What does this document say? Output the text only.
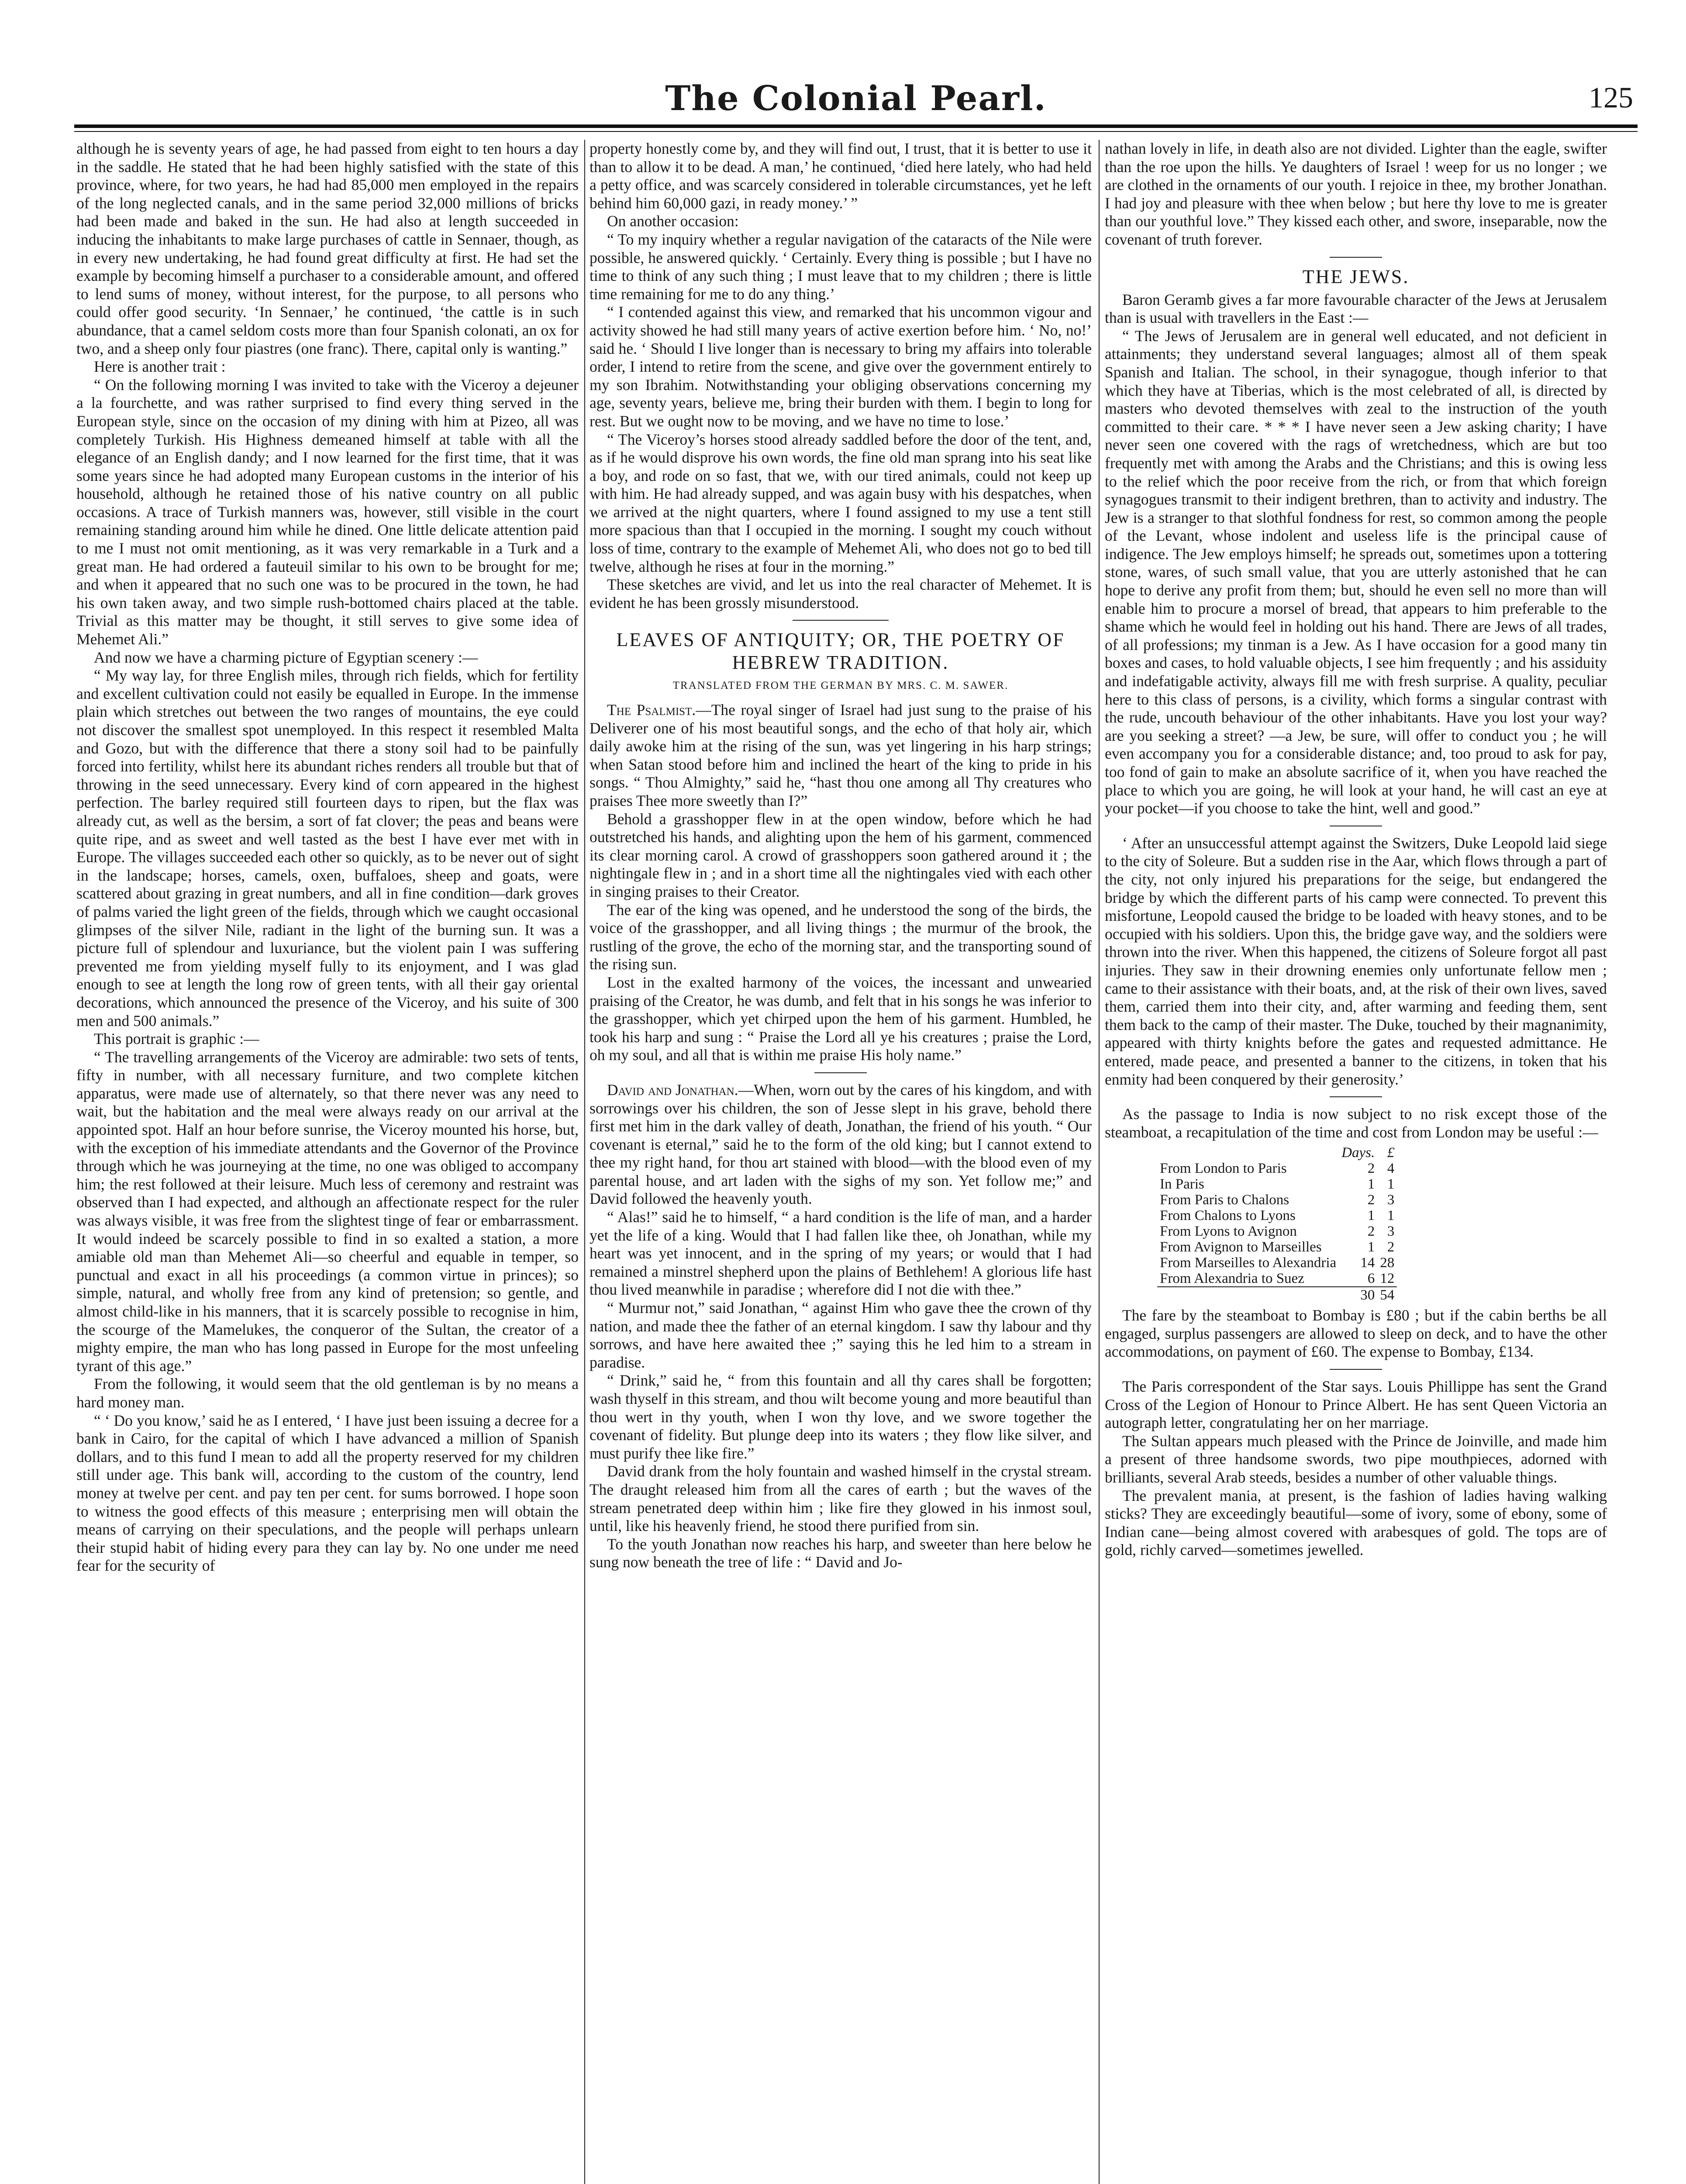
The Colonial Pearl.	125

although he is seventy years of age, he had passed from eight to ten hours a day in the saddle. He stated that he had been highly satisfied with the state of this province, where, for two years, he had had 85,000 men employed in the repairs of the long neglected canals, and in the same period 32,000 millions of bricks had been made and baked in the sun. He had also at length succeeded in inducing the inhabitants to make large purchases of cattle in Sennaer, though, as in every new undertaking, he had found great difficulty at first. He had set the example by becoming himself a purchaser to a considerable amount, and offered to lend sums of money, without interest, for the purpose, to all persons who could offer good security. ‘In Sennaer,’ he continued, ‘the cattle is in such abundance, that a camel seldom costs more than four Spanish colonati, an ox for two, and a sheep only four piastres (one franc). There, capital only is wanting.”

Here is another trait :

“ On the following morning I was invited to take with the Viceroy a dejeuner a la fourchette, and was rather surprised to find every thing served in the European style, since on the occasion of my dining with him at Pizeo, all was completely Turkish. His Highness demeaned himself at table with all the elegance of an English dandy; and I now learned for the first time, that it was some years since he had adopted many European customs in the interior of his household, although he retained those of his native country on all public occasions. A trace of Turkish manners was, however, still visible in the court remaining standing around him while he dined. One little delicate attention paid to me I must not omit mentioning, as it was very remarkable in a Turk and a great man. He had ordered a fauteuil similar to his own to be brought for me; and when it appeared that no such one was to be procured in the town, he had his own taken away, and two simple rush-bottomed chairs placed at the table. Trivial as this matter may be thought, it still serves to give some idea of Mehemet Ali.”

And now we have a charming picture of Egyptian scenery :—

“ My way lay, for three English miles, through rich fields, which for fertility and excellent cultivation could not easily be equalled in Europe. In the immense plain which stretches out between the two ranges of mountains, the eye could not discover the smallest spot unemployed. In this respect it resembled Malta and Gozo, but with the difference that there a stony soil had to be painfully forced into fertility, whilst here its abundant riches renders all trouble but that of throwing in the seed unnecessary. Every kind of corn appeared in the highest perfection. The barley required still fourteen days to ripen, but the flax was already cut, as well as the bersim, a sort of fat clover; the peas and beans were quite ripe, and as sweet and well tasted as the best I have ever met with in Europe. The villages succeeded each other so quickly, as to be never out of sight in the landscape; horses, camels, oxen, buffaloes, sheep and goats, were scattered about grazing in great numbers, and all in fine condition—dark groves of palms varied the light green of the fields, through which we caught occasional glimpses of the silver Nile, radiant in the light of the burning sun. It was a picture full of splendour and luxuriance, but the violent pain I was suffering prevented me from yielding myself fully to its enjoyment, and I was glad enough to see at length the long row of green tents, with all their gay oriental decorations, which announced the presence of the Viceroy, and his suite of 300 men and 500 animals.”

This portrait is graphic :—

“ The travelling arrangements of the Viceroy are admirable: two sets of tents, fifty in number, with all necessary furniture, and two complete kitchen apparatus, were made use of alternately, so that there never was any need to wait, but the habitation and the meal were always ready on our arrival at the appointed spot. Half an hour before sunrise, the Viceroy mounted his horse, but, with the exception of his immediate attendants and the Governor of the Province through which he was journeying at the time, no one was obliged to accompany him; the rest followed at their leisure. Much less of ceremony and restraint was observed than I had expected, and although an affectionate respect for the ruler was always visible, it was free from the slightest tinge of fear or embarrassment. It would indeed be scarcely possible to find in so exalted a station, a more amiable old man than Mehemet Ali—so cheerful and equable in temper, so punctual and exact in all his proceedings (a common virtue in princes); so simple, natural, and wholly free from any kind of pretension; so gentle, and almost child-like in his manners, that it is scarcely possible to recognise in him, the scourge of the Mamelukes, the conqueror of the Sultan, the creator of a mighty empire, the man who has long passed in Europe for the most unfeeling tyrant of this age.”

From the following, it would seem that the old gentleman is by no means a hard money man.

“ ‘ Do you know,’ said he as I entered, ‘ I have just been issuing a decree for a bank in Cairo, for the capital of which I have advanced a million of Spanish dollars, and to this fund I mean to add all the property reserved for my children still under age. This bank will, according to the custom of the country, lend money at twelve per cent. and pay ten per cent. for sums borrowed. I hope soon to witness the good effects of this measure ; enterprising men will obtain the means of carrying on their speculations, and the people will perhaps unlearn their stupid habit of hiding every para they can lay by. No one under me need fear for the security of

property honestly come by, and they will find out, I trust, that it is better to use it than to allow it to be dead. A man,’ he continued, ‘died here lately, who had held a petty office, and was scarcely considered in tolerable circumstances, yet he left behind him 60,000 gazi, in ready money.’ ”

On another occasion:

“ To my inquiry whether a regular navigation of the cataracts of the Nile were possible, he answered quickly. ‘ Certainly. Every thing is possible ; but I have no time to think of any such thing ; I must leave that to my children ; there is little time remaining for me to do any thing.’

“ I contended against this view, and remarked that his uncommon vigour and activity showed he had still many years of active exertion before him. ‘ No, no!’ said he. ‘ Should I live longer than is necessary to bring my affairs into tolerable order, I intend to retire from the scene, and give over the government entirely to my son Ibrahim. Notwithstanding your obliging observations concerning my age, seventy years, believe me, bring their burden with them. I begin to long for rest. But we ought now to be moving, and we have no time to lose.’

“ The Viceroy’s horses stood already saddled before the door of the tent, and, as if he would disprove his own words, the fine old man sprang into his seat like a boy, and rode on so fast, that we, with our tired animals, could not keep up with him. He had already supped, and was again busy with his despatches, when we arrived at the night quarters, where I found assigned to my use a tent still more spacious than that I occupied in the morning. I sought my couch without loss of time, contrary to the example of Mehemet Ali, who does not go to bed till twelve, although he rises at four in the morning.”

These sketches are vivid, and let us into the real character of Mehemet. It is evident he has been grossly misunderstood.

LEAVES OF ANTIQUITY; OR, THE POETRY OF HEBREW TRADITION.
TRANSLATED FROM THE GERMAN BY MRS. C. M. SAWER.

The Psalmist.—The royal singer of Israel had just sung to the praise of his Deliverer one of his most beautiful songs, and the echo of that holy air, which daily awoke him at the rising of the sun, was yet lingering in his harp strings; when Satan stood before him and inclined the heart of the king to pride in his songs. “ Thou Almighty,” said he, “hast thou one among all Thy creatures who praises Thee more sweetly than I?”

Behold a grasshopper flew in at the open window, before which he had outstretched his hands, and alighting upon the hem of his garment, commenced its clear morning carol. A crowd of grasshoppers soon gathered around it ; the nightingale flew in ; and in a short time all the nightingales vied with each other in singing praises to their Creator.

The ear of the king was opened, and he understood the song of the birds, the voice of the grasshopper, and all living things ; the murmur of the brook, the rustling of the grove, the echo of the morning star, and the transporting sound of the rising sun.

Lost in the exalted harmony of the voices, the incessant and unwearied praising of the Creator, he was dumb, and felt that in his songs he was inferior to the grasshopper, which yet chirped upon the hem of his garment. Humbled, he took his harp and sung : “ Praise the Lord all ye his creatures ; praise the Lord, oh my soul, and all that is within me praise His holy name.”

David and Jonathan.—When, worn out by the cares of his kingdom, and with sorrowings over his children, the son of Jesse slept in his grave, behold there first met him in the dark valley of death, Jonathan, the friend of his youth. “ Our covenant is eternal,” said he to the form of the old king; but I cannot extend to thee my right hand, for thou art stained with blood—with the blood even of my parental house, and art laden with the sighs of my son. Yet follow me;” and David followed the heavenly youth.

“ Alas!” said he to himself, “ a hard condition is the life of man, and a harder yet the life of a king. Would that I had fallen like thee, oh Jonathan, while my heart was yet innocent, and in the spring of my years; or would that I had remained a minstrel shepherd upon the plains of Bethlehem! A glorious life hast thou lived meanwhile in paradise ; wherefore did I not die with thee.”

“ Murmur not,” said Jonathan, “ against Him who gave thee the crown of thy nation, and made thee the father of an eternal kingdom. I saw thy labour and thy sorrows, and have here awaited thee ;” saying this he led him to a stream in paradise.

“ Drink,” said he, “ from this fountain and all thy cares shall be forgotten; wash thyself in this stream, and thou wilt become young and more beautiful than thou wert in thy youth, when I won thy love, and we swore together the covenant of fidelity. But plunge deep into its waters ; they flow like silver, and must purify thee like fire.”

David drank from the holy fountain and washed himself in the crystal stream. The draught released him from all the cares of earth ; but the waves of the stream penetrated deep within him ; like fire they glowed in his inmost soul, until, like his heavenly friend, he stood there purified from sin.

To the youth Jonathan now reaches his harp, and sweeter than here below he sung now beneath the tree of life : “ David and Jo-

nathan lovely in life, in death also are not divided. Lighter than the eagle, swifter than the roe upon the hills. Ye daughters of Israel ! weep for us no longer ; we are clothed in the ornaments of our youth. I rejoice in thee, my brother Jonathan. I had joy and pleasure with thee when below ; but here thy love to me is greater than our youthful love.” They kissed each other, and swore, inseparable, now the covenant of truth forever.

THE JEWS.

Baron Geramb gives a far more favourable character of the Jews at Jerusalem than is usual with travellers in the East :—

“ The Jews of Jerusalem are in general well educated, and not deficient in attainments; they understand several languages; almost all of them speak Spanish and Italian. The school, in their synagogue, though inferior to that which they have at Tiberias, which is the most celebrated of all, is directed by masters who devoted themselves with zeal to the instruction of the youth committed to their care. * * * I have never seen a Jew asking charity; I have never seen one covered with the rags of wretchedness, which are but too frequently met with among the Arabs and the Christians; and this is owing less to the relief which the poor receive from the rich, or from that which foreign synagogues transmit to their indigent brethren, than to activity and industry. The Jew is a stranger to that slothful fondness for rest, so common among the people of the Levant, whose indolent and useless life is the principal cause of indigence. The Jew employs himself; he spreads out, sometimes upon a tottering stone, wares, of such small value, that you are utterly astonished that he can hope to derive any profit from them; but, should he even sell no more than will enable him to procure a morsel of bread, that appears to him preferable to the shame which he would feel in holding out his hand. There are Jews of all trades, of all professions; my tinman is a Jew. As I have occasion for a good many tin boxes and cases, to hold valuable objects, I see him frequently ; and his assiduity and indefatigable activity, always fill me with fresh surprise. A quality, peculiar here to this class of persons, is a civility, which forms a singular contrast with the rude, uncouth behaviour of the other inhabitants. Have you lost your way? are you seeking a street? —a Jew, be sure, will offer to conduct you ; he will even accompany you for a considerable distance; and, too proud to ask for pay, too fond of gain to make an absolute sacrifice of it, when you have reached the place to which you are going, he will look at your hand, he will cast an eye at your pocket—if you choose to take the hint, well and good.”

‘ After an unsuccessful attempt against the Switzers, Duke Leopold laid siege to the city of Soleure. But a sudden rise in the Aar, which flows through a part of the city, not only injured his preparations for the seige, but endangered the bridge by which the different parts of his camp were connected. To prevent this misfortune, Leopold caused the bridge to be loaded with heavy stones, and to be occupied with his soldiers. Upon this, the bridge gave way, and the soldiers were thrown into the river. When this happened, the citizens of Soleure forgot all past injuries. They saw in their drowning enemies only unfortunate fellow men ; came to their assistance with their boats, and, at the risk of their own lives, saved them, carried them into their city, and, after warming and feeding them, sent them back to the camp of their master. The Duke, touched by their magnanimity, appeared with thirty knights before the gates and requested admittance. He entered, made peace, and presented a banner to the citizens, in token that his enmity had been conquered by their generosity.’

As the passage to India is now subject to no risk except those of the steamboat, a recapitulation of the time and cost from London may be useful :—

	Days.	£
From London to Paris	2	4
In Paris	1	1
From Paris to Chalons	2	3
From Chalons to Lyons	1	1
From Lyons to Avignon	2	3
From Avignon to Marseilles	1	2
From Marseilles to Alexandria	14	28
From Alexandria to Suez	6	12
	30	54

The fare by the steamboat to Bombay is £80 ; but if the cabin berths be all engaged, surplus passengers are allowed to sleep on deck, and to have the other accommodations, on payment of £60. The expense to Bombay, £134.

The Paris correspondent of the Star says. Louis Phillippe has sent the Grand Cross of the Legion of Honour to Prince Albert. He has sent Queen Victoria an autograph letter, congratulating her on her marriage.

The Sultan appears much pleased with the Prince de Joinville, and made him a present of three handsome swords, two pipe mouthpieces, adorned with brilliants, several Arab steeds, besides a number of other valuable things.

The prevalent mania, at present, is the fashion of ladies having walking sticks? They are exceedingly beautiful—some of ivory, some of ebony, some of Indian cane—being almost covered with arabesques of gold. The tops are of gold, richly carved—sometimes jewelled.
